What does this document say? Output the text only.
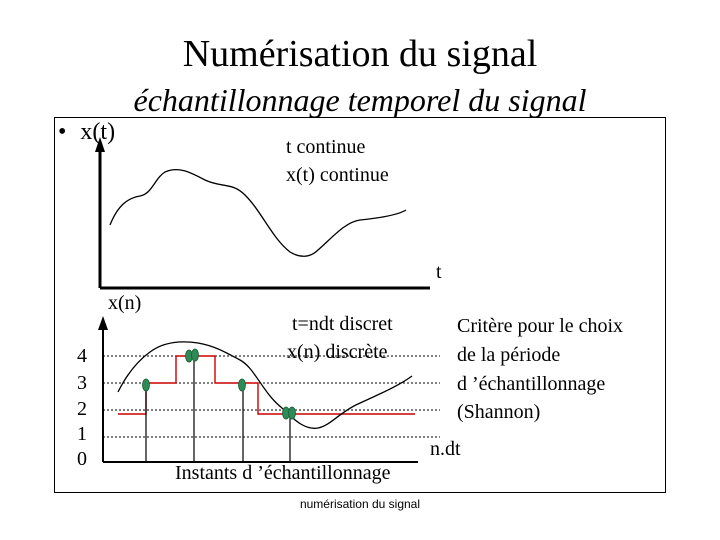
Numérisation du signal
échantillonnage temporel du signal
• x(t)
t continue
x(t) continue
t
x(n)
4
3
2
1
0
t=ndt discret
x(n) discrète
n.dt
Instants d ’échantillonnage
Critère pour le choix
de la période
d ’échantillonnage
(Shannon)
numérisation du signal
